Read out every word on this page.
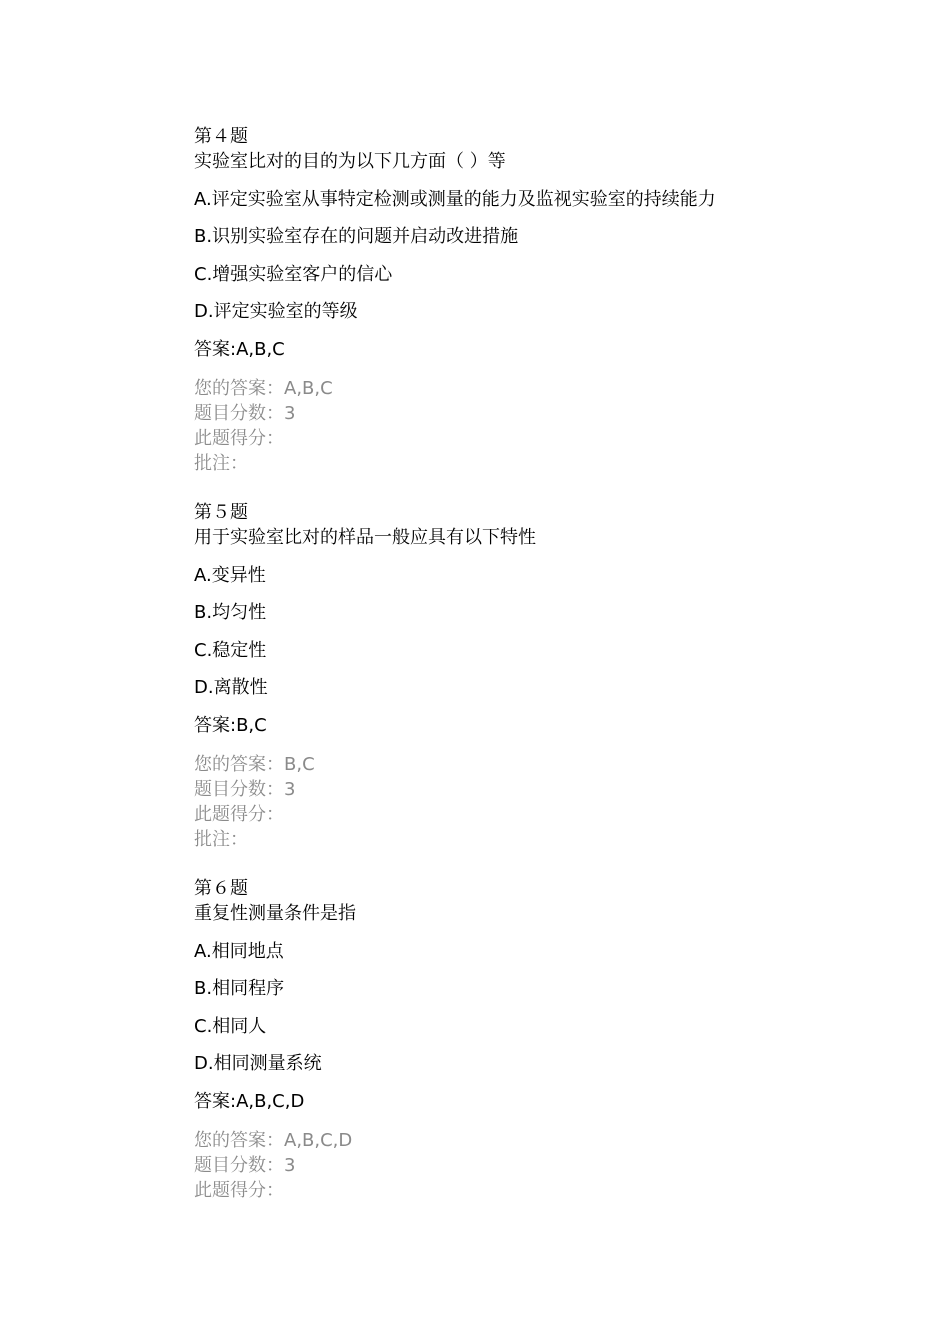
第４题
实验室比对的目的为以下几方面（ ）等
A.评定实验室从事特定检测或测量的能力及监视实验室的持续能力
B.识别实验室存在的问题并启动改进措施
C.增强实验室客户的信心
D.评定实验室的等级
答案:A,B,C
您的答案：A,B,C
题目分数：3
此题得分：
批注：
第５题
用于实验室比对的样品一般应具有以下特性
A.变异性
B.均匀性
C.稳定性
D.离散性
答案:B,C
您的答案：B,C
题目分数：3
此题得分：
批注：
第６题
重复性测量条件是指
A.相同地点
B.相同程序
C.相同人
D.相同测量系统
答案:A,B,C,D
您的答案：A,B,C,D
题目分数：3
此题得分：
